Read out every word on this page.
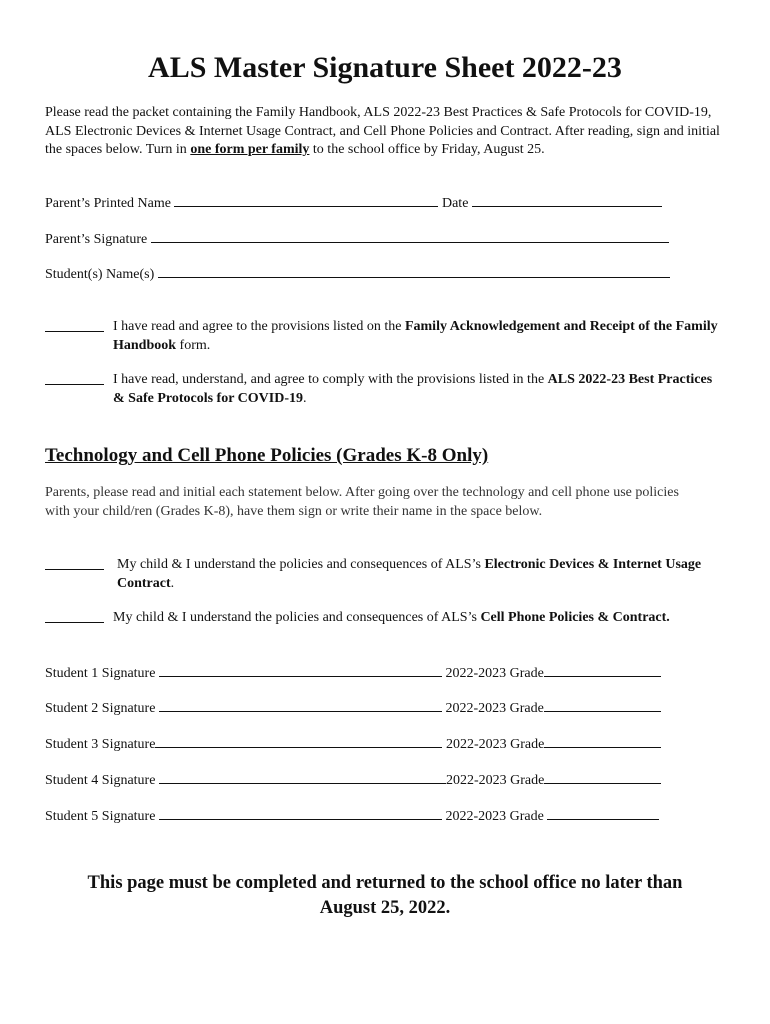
ALS Master Signature Sheet 2022-23
Please read the packet containing the Family Handbook, ALS 2022-23 Best Practices & Safe Protocols for COVID-19, ALS Electronic Devices & Internet Usage Contract, and Cell Phone Policies and Contract. After reading, sign and initial the spaces below. Turn in one form per family to the school office by Friday, August 25.
Parent’s Printed Name	Date
Parent’s Signature
Student(s) Name(s)
I have read and agree to the provisions listed on the Family Acknowledgement and Receipt of the Family Handbook form.
I have read, understand, and agree to comply with the provisions listed in the ALS 2022-23 Best Practices & Safe Protocols for COVID-19.
Technology and Cell Phone Policies (Grades K-8 Only)
Parents, please read and initial each statement below. After going over the technology and cell phone use policies with your child/ren (Grades K-8), have them sign or write their name in the space below.
My child & I understand the policies and consequences of ALS’s Electronic Devices & Internet Usage Contract.
My child & I understand the policies and consequences of ALS’s Cell Phone Policies & Contract.
Student 1 Signature	2022-2023 Grade
Student 2 Signature	2022-2023 Grade
Student 3 Signature	2022-2023 Grade
Student 4 Signature	2022-2023 Grade
Student 5 Signature	2022-2023 Grade
This page must be completed and returned to the school office no later than
August 25, 2022.
